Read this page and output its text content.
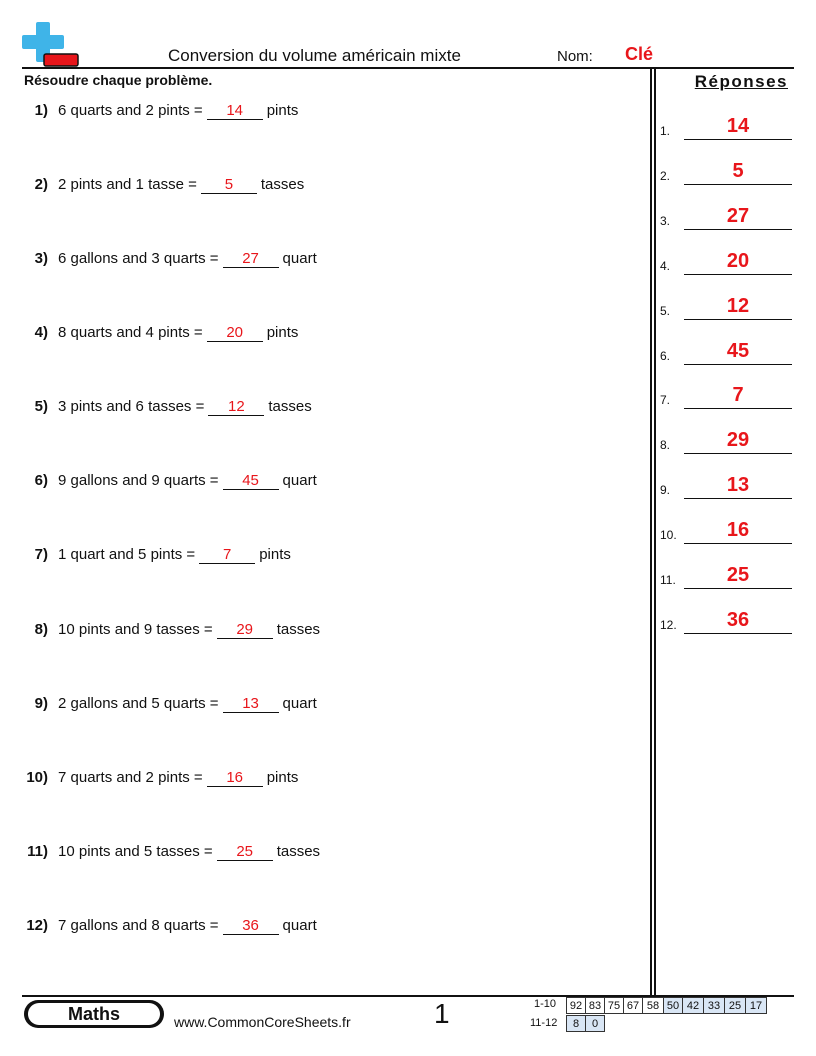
Conversion du volume américain mixte	Nom: Clé
Résoudre chaque problème.
1) 6 quarts and 2 pints = 14 pints
2) 2 pints and 1 tasse = 5 tasses
3) 6 gallons and 3 quarts = 27 quart
4) 8 quarts and 4 pints = 20 pints
5) 3 pints and 6 tasses = 12 tasses
6) 9 gallons and 9 quarts = 45 quart
7) 1 quart and 5 pints = 7 pints
8) 10 pints and 9 tasses = 29 tasses
9) 2 gallons and 5 quarts = 13 quart
10) 7 quarts and 2 pints = 16 pints
11) 10 pints and 5 tasses = 25 tasses
12) 7 gallons and 8 quarts = 36 quart
Réponses
1.	14
2.	5
3.	27
4.	20
5.	12
6.	45
7.	7
8.	29
9.	13
10.	16
11.	25
12.	36
Maths	www.CommonCoreSheets.fr	1	1-10 92	83	75	67	58	50	42	33	25	17
11-12 8	0
